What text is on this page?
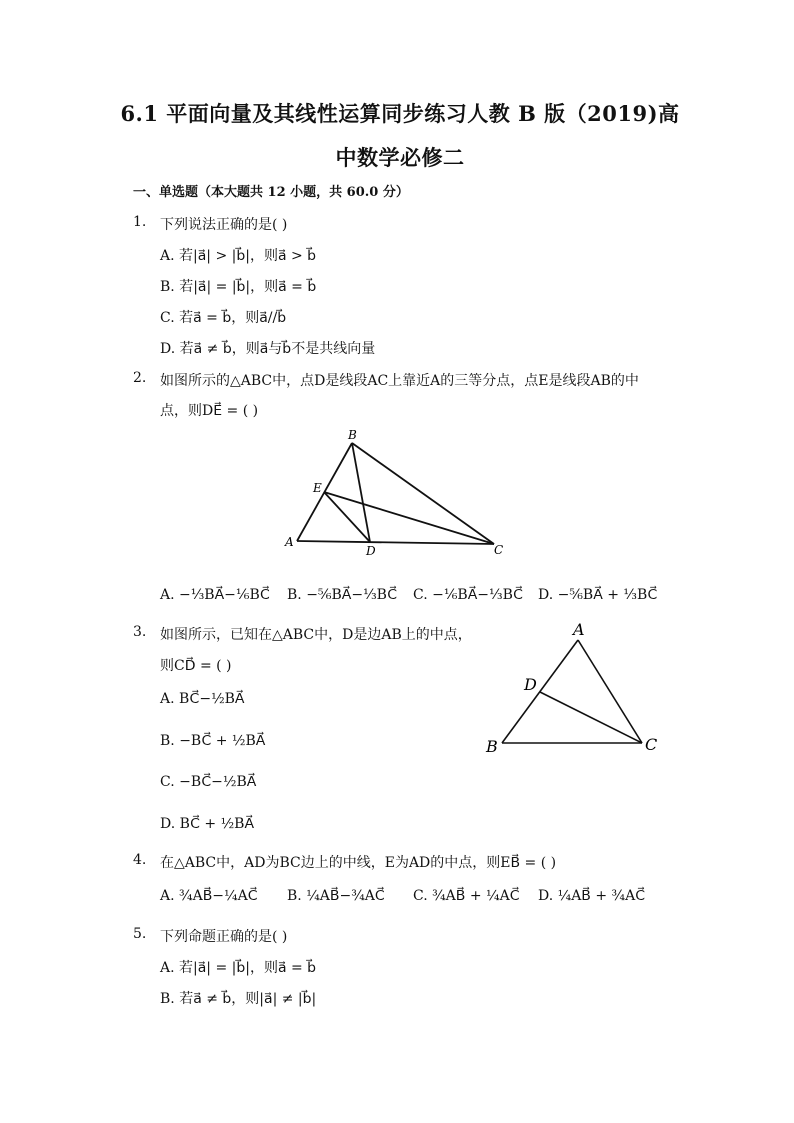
6.1 平面向量及其线性运算同步练习人教 B 版（2019)高
中数学必修二
一、单选题（本大题共 12 小题，共 60.0 分）
1. 下列说法正确的是( )
A. 若|a⃗| > |b⃗|，则a⃗ > b⃗
B. 若|a⃗| = |b⃗|，则a⃗ = b⃗
C. 若a⃗ = b⃗，则a⃗//b⃗
D. 若a⃗ ≠ b⃗，则a⃗与b⃗不是共线向量
2. 如图所示的△ABC中，点D是线段AC上靠近A的三等分点，点E是线段AB的中
点，则DE⃗ = ( )
B
E
A
D	C
A. −⅓BA⃗−⅙BC⃗ B. −⅚BA⃗−⅓BC⃗ C. −⅙BA⃗−⅓BC⃗ D. −⅚BA⃗ + ⅓BC⃗
3. 如图所示，已知在△ABC中，D是边AB上的中点，
则CD⃗ = ( )
A
D
B	C
A. BC⃗−½BA⃗
B. −BC⃗ + ½BA⃗
C. −BC⃗−½BA⃗
D. BC⃗ + ½BA⃗
4. 在△ABC中，AD为BC边上的中线，E为AD的中点，则EB⃗ = ( )
A. ¾AB⃗−¼AC⃗ B. ¼AB⃗−¾AC⃗ C. ¾AB⃗ + ¼AC⃗ D. ¼AB⃗ + ¾AC⃗
5. 下列命题正确的是( )
A. 若|a⃗| = |b⃗|，则a⃗ = b⃗
B. 若a⃗ ≠ b⃗，则|a⃗| ≠ |b⃗|
